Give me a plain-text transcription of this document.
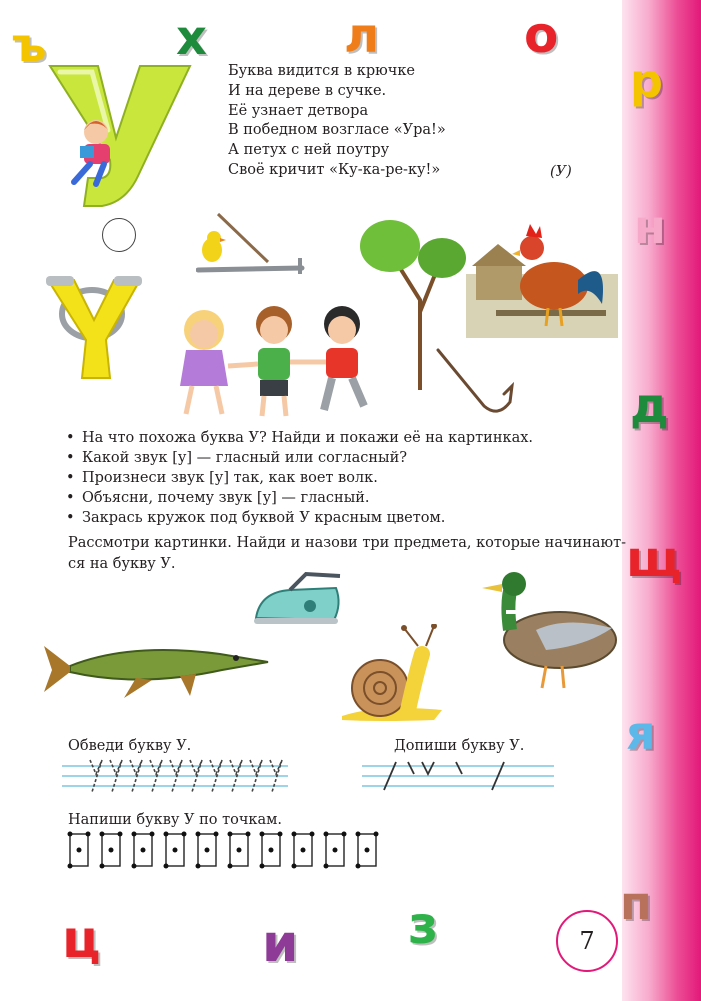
ъ	х	л	о
р
н
д
щ
я
п
ц	и з
Буква видится в крючке
И на дереве в сучке.
Её узнает детвора
В победном возгласе «Ура!»
А петух с ней поутру
Своё кричит «Ку-ка-ре-ку!»	(У)
• На что похожа буква У? Найди и покажи её на картинках.
• Какой звук [у] — гласный или согласный?
• Произнеси звук [у] так, как воет волк.
• Объясни, почему звук [у] — гласный.
• Закрась кружок под буквой У красным цветом.
Рассмотри картинки. Найди и назови три предмета, которые начинают-
ся на букву У.
Обведи букву У.	Допиши букву У.
Напиши букву У по точкам.
7
